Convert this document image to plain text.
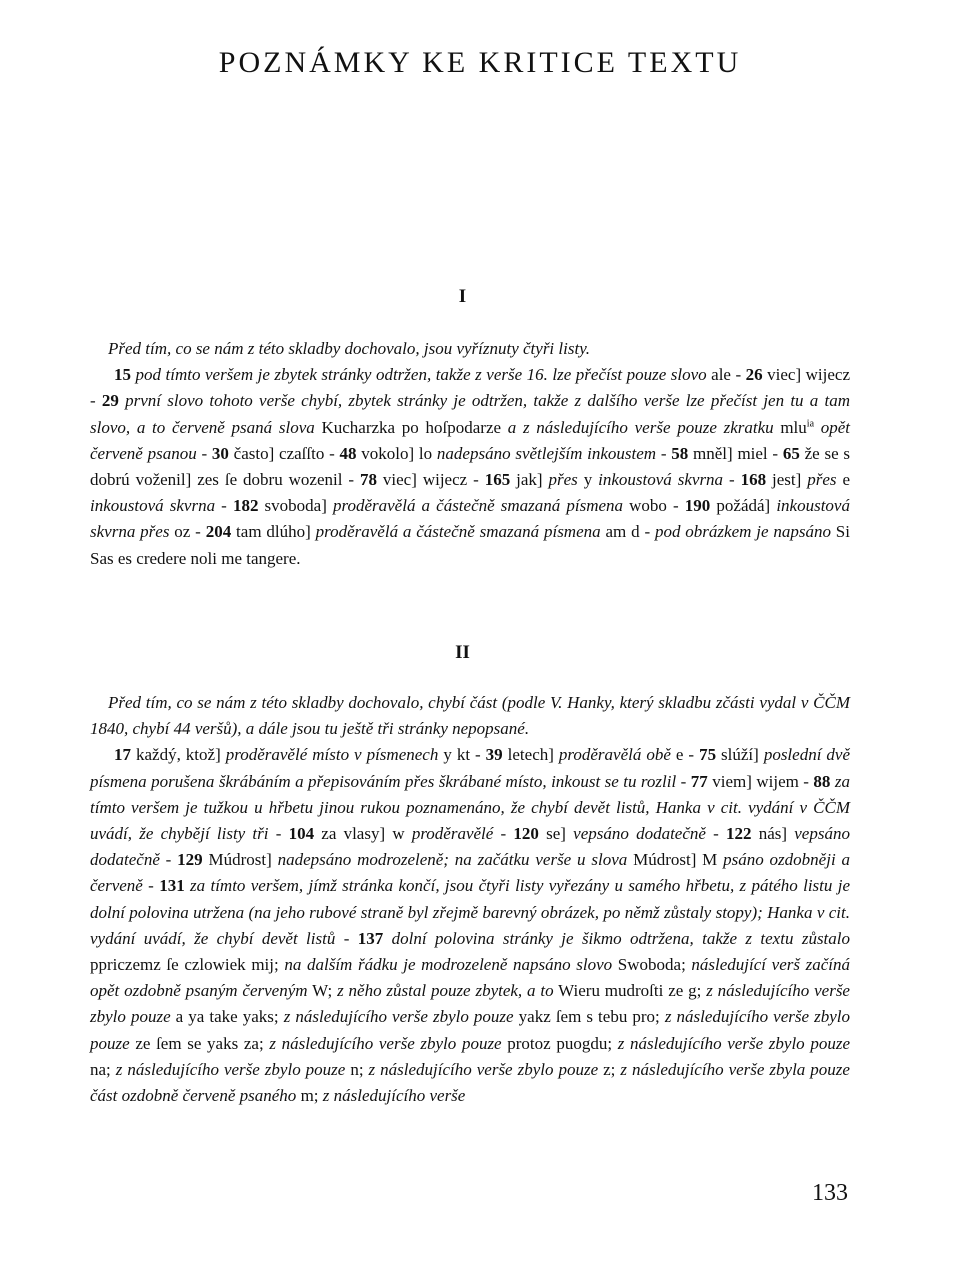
POZNÁMKY KE KRITICE TEXTU
I

Před tím, co se nám z této skladby dochovalo, jsou vyříznuty čtyři listy.

15 pod tímto veršem je zbytek stránky odtržen, takže z verše 16. lze přečíst pouze slovo ale - 26 viec] wijecz - 29 první slovo tohoto verše chybí, zbytek stránky je odtržen, takže z dalšího verše lze přečíst jen tu a tam slovo, a to červeně psaná slova Kucharzka po hoſpodarze a z následujícího verše pouze zkratku mlu$^{ia}$ opět červeně psanou - 30 často] czaſſto - 48 vokolo] lo nadepsáno světlejším inkoustem - 58 mněl] miel - 65 že se s dobrú voženil] zes ſe dobru wozenil - 78 viec] wijecz - 165 jak] přes y inkoustová skvrna - 168 jest] přes e inkoustová skvrna - 182 svoboda] proděravělá a částečně smazaná písmena wobo - 190 požádá] inkoustová skvrna přes oz - 204 tam dlúho] proděravělá a částečně smazaná písmena am d - pod obrázkem je napsáno Si Sas es credere noli me tangere.

II

Před tím, co se nám z této skladby dochovalo, chybí část (podle V. Hanky, který skladbu zčásti vydal v ČČM 1840, chybí 44 veršů), a dále jsou tu ještě tři stránky nepopsané.

17 každý, ktož] proděravělé místo v písmenech y kt - 39 letech] proděravělá obě e - 75 slúží] poslední dvě písmena porušena škrábáním a přepisováním přes škrábané místo, inkoust se tu rozlil - 77 viem] wijem - 88 za tímto veršem je tužkou u hřbetu jinou rukou poznamenáno, že chybí devět listů, Hanka v cit. vydání v ČČM uvádí, že chybějí listy tři - 104 za vlasy] w proděravělé - 120 se] vepsáno dodatečně - 122 nás] vepsáno dodatečně - 129 Múdrost] nadepsáno modrozeleně; na začátku verše u slova Múdrost] M psáno ozdobněji a červeně - 131 za tímto veršem, jímž stránka končí, jsou čtyři listy vyřezány u samého hřbetu, z pátého listu je dolní polovina utržena (na jeho rubové straně byl zřejmě barevný obrázek, po němž zůstaly stopy); Hanka v cit. vydání uvádí, že chybí devět listů - 137 dolní polovina stránky je šikmo odtržena, takže z textu zůstalo ppriczemz ſe czlowiek mij; na dalším řádku je modrozeleně napsáno slovo Swoboda; následující verš začíná opět ozdobně psaným červeným W; z něho zůstal pouze zbytek, a to Wieru mudroſti ze g; z následujícího verše zbylo pouze a ya take yaks; z následujícího verše zbylo pouze yakz ſem s tebu pro; z následujícího verše zbylo pouze ze ſem se yaks za; z následujícího verše zbylo pouze protoz puogdu; z následujícího verše zbylo pouze na; z následujícího verše zbylo pouze n; z následujícího verše zbylo pouze z; z následujícího verše zbyla pouze část ozdobně červeně psaného m; z následujícího verše

133
